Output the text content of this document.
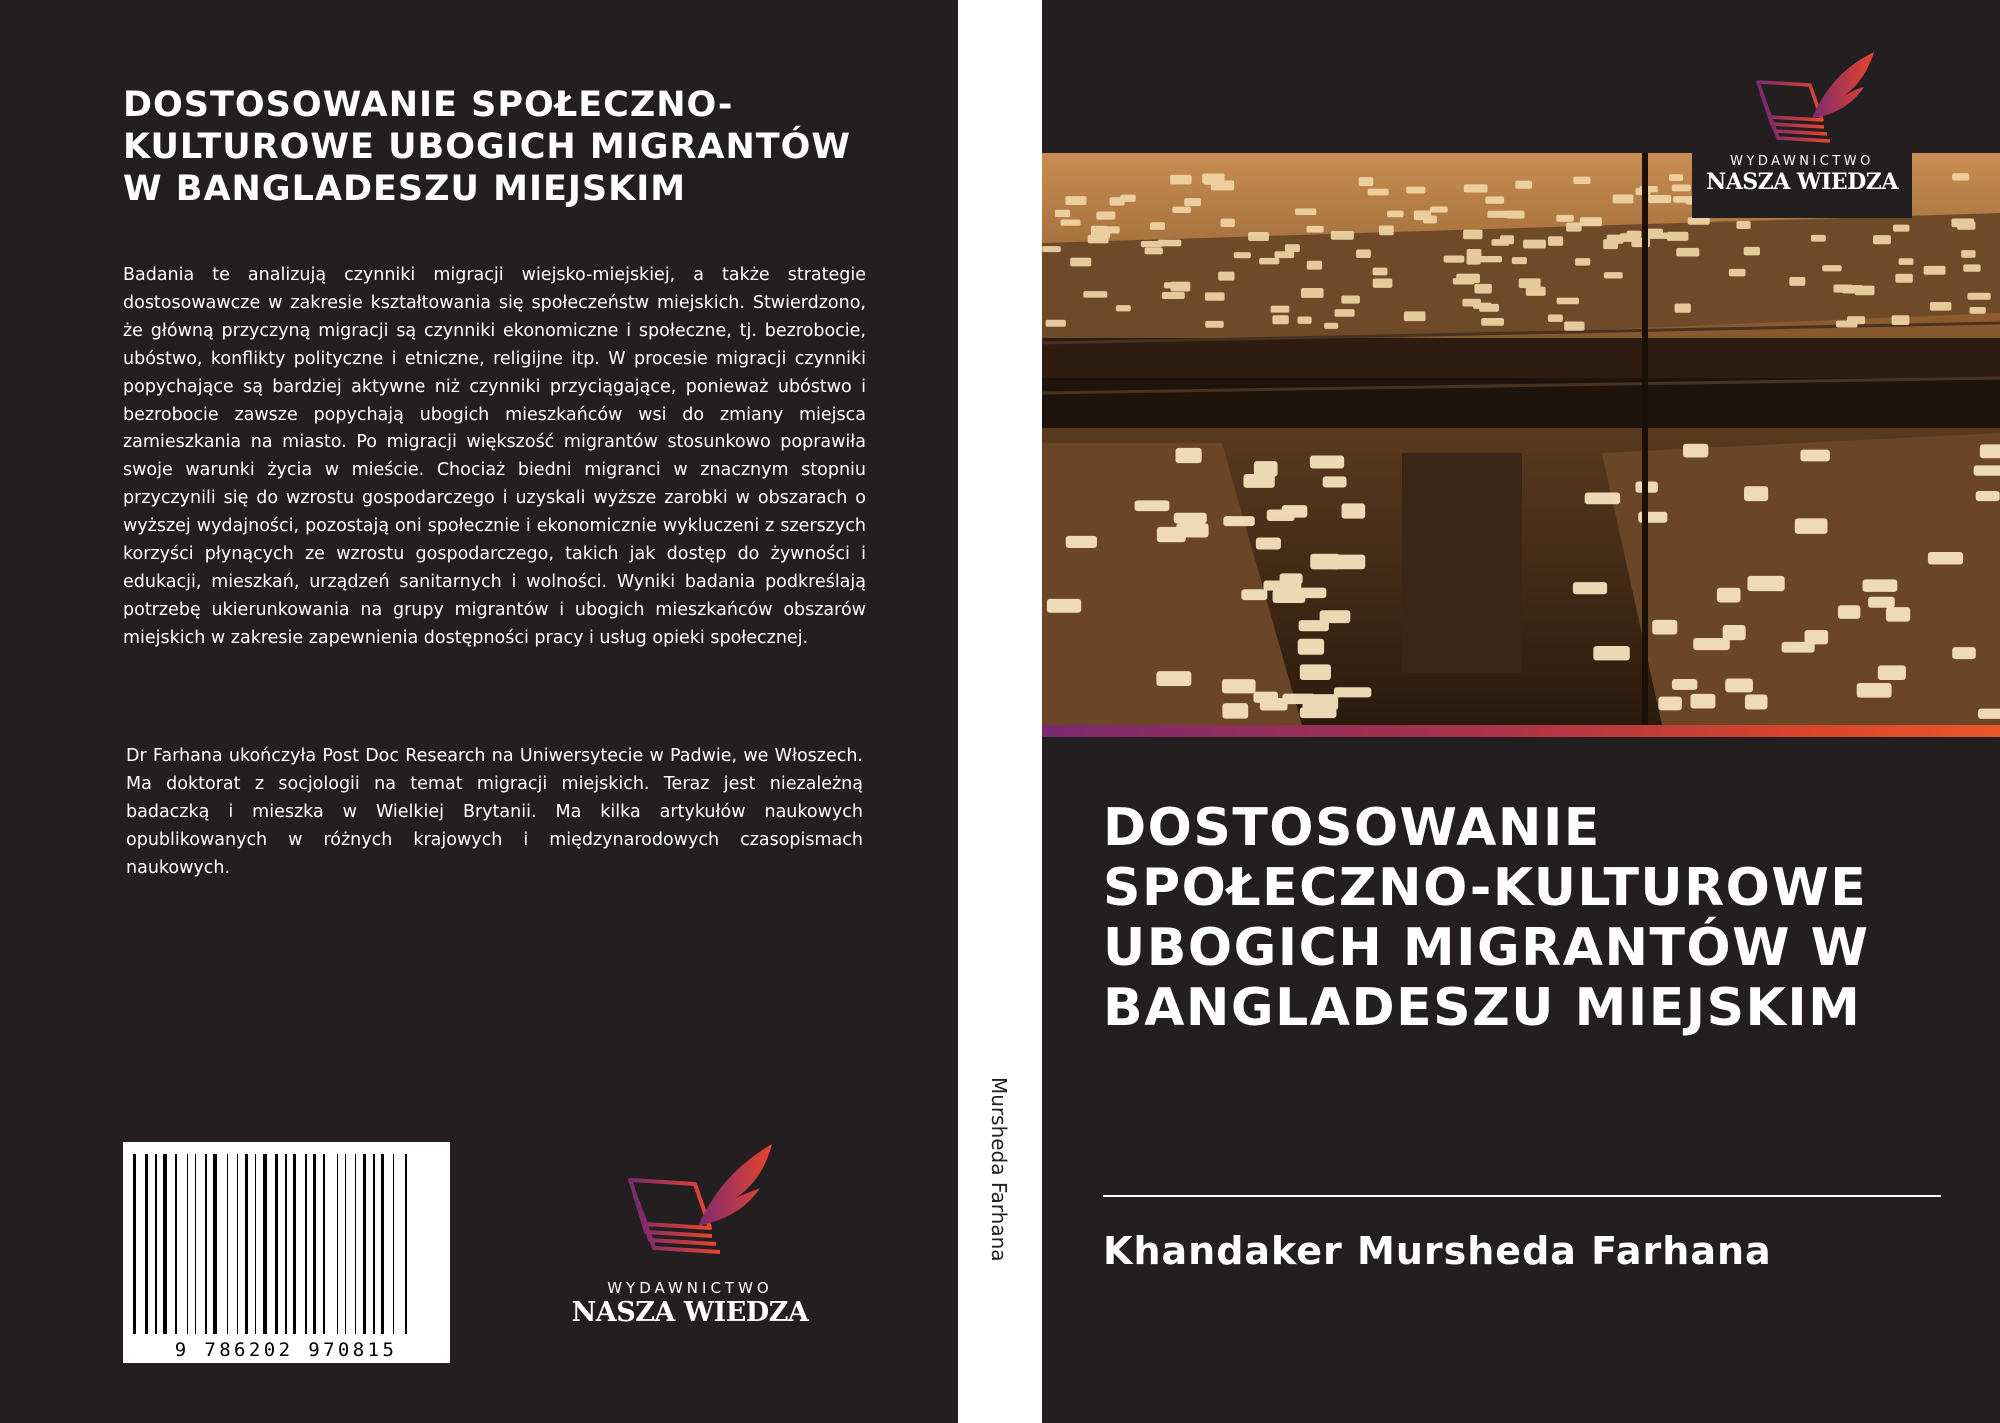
DOSTOSOWANIE SPOŁECZNO-KULTUROWE UBOGICH MIGRANTÓW W BANGLADESZU MIEJSKIM
Badania te analizują czynniki migracji wiejsko-miejskiej, a także strategie dostosowawcze w zakresie kształtowania się społeczeństw miejskich. Stwierdzono, że główną przyczyną migracji są czynniki ekonomiczne i społeczne, tj. bezrobocie, ubóstwo, konflikty polityczne i etniczne, religijne itp. W procesie migracji czynniki popychające są bardziej aktywne niż czynniki przyciągające, ponieważ ubóstwo i bezrobocie zawsze popychają ubogich mieszkańców wsi do zmiany miejsca zamieszkania na miasto. Po migracji większość migrantów stosunkowo poprawiła swoje warunki życia w mieście. Chociaż biedni migranci w znacznym stopniu przyczynili się do wzrostu gospodarczego i uzyskali wyższe zarobki w obszarach o wyższej wydajności, pozostają oni społecznie i ekonomicznie wykluczeni z szerszych korzyści płynących ze wzrostu gospodarczego, takich jak dostęp do żywności i edukacji, mieszkań, urządzeń sanitarnych i wolności. Wyniki badania podkreślają potrzebę ukierunkowania na grupy migrantów i ubogich mieszkańców obszarów miejskich w zakresie zapewnienia dostępności pracy i usług opieki społecznej.
Dr Farhana ukończyła Post Doc Research na Uniwersytecie w Padwie, we Włoszech. Ma doktorat z socjologii na temat migracji miejskich. Teraz jest niezależną badaczką i mieszka w Wielkiej Brytanii. Ma kilka artykułów naukowych opublikowanych w różnych krajowych i międzynarodowych czasopismach naukowych.
9 786202 970815
WYDAWNICTWO
NASZA WIEDZA
Mursheda Farhana
WYDAWNICTWO
NASZA WIEDZA
DOSTOSOWANIE SPOŁECZNO-KULTUROWE UBOGICH MIGRANTÓW W BANGLADESZU MIEJSKIM
Khandaker Mursheda Farhana
